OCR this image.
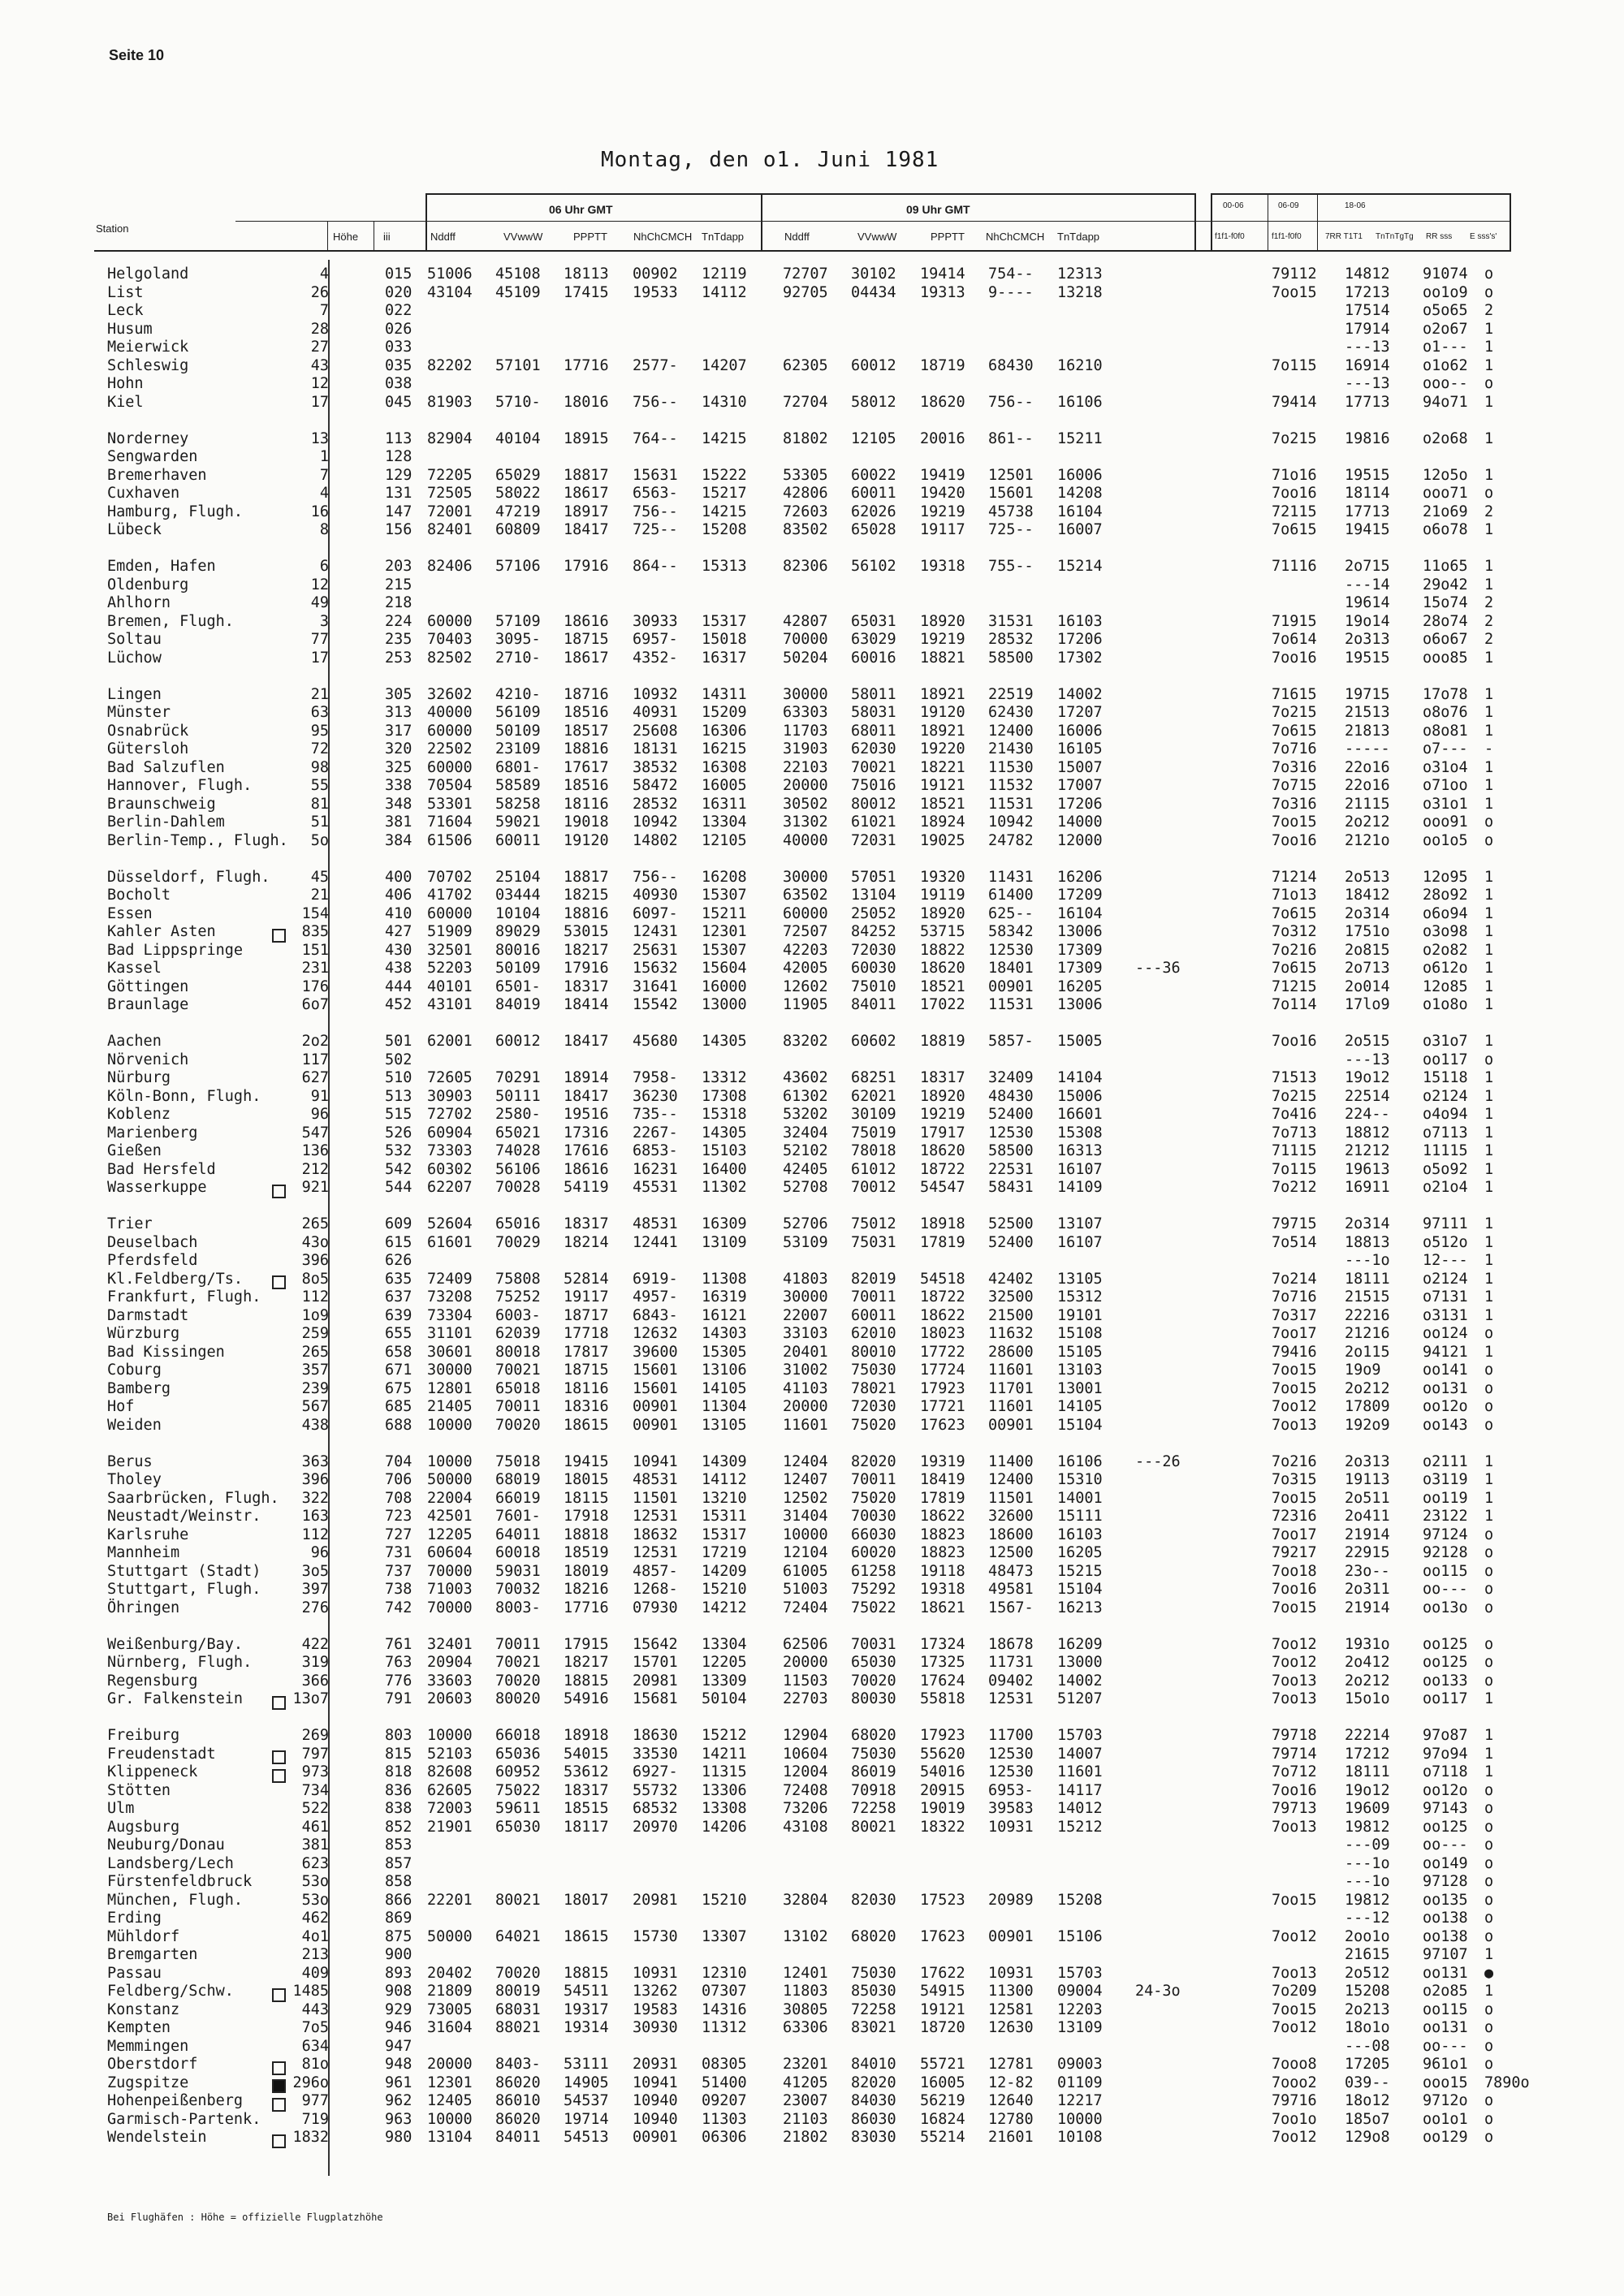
Seite 10
Montag, den o1. Juni 1981
Station
Höhe iii
06 Uhr GMT	09 Uhr GMT
Nddff	VVwwW	PPPTT NhChCMCH TnTdapp	Nddff	VVwwW	PPPTT NhChCMCH TnTdapp
00-06	06-09	18-06
f1f1-f0f0	f1f1-f0f0	7RR T1T1 TnTnTgTg RR sss E sss's'
Helgoland	4	015 51006 45108 18113 00902 12119 72707 30102 19414 754-- 12313	79112 14812 91074 o
List	26	020 43104 45109 17415 19533 14112 92705 04434 19313 9---- 13218	7oo15 17213 oo1o9 o
Leck	7	022	17514 o5o65 2
Husum	28	026	17914 o2o67 1
Meierwick	27	033	---13 o1--- 1
Schleswig	43	035 82202 57101 17716 2577- 14207 62305 60012 18719 68430 16210	7o115 16914 o1o62 1
Hohn	12	038	---13 ooo-- o
Kiel	17	045 81903 5710- 18016 756-- 14310 72704 58012 18620 756-- 16106	79414 17713 94o71 1
Norderney	13	113 82904 40104 18915 764-- 14215 81802 12105 20016 861-- 15211	7o215 19816 o2o68 1
Sengwarden	1	128
Bremerhaven	7	129 72205 65029 18817 15631 15222 53305 60022 19419 12501 16006	71o16 19515 12o5o 1
Cuxhaven	4	131 72505 58022 18617 6563- 15217 42806 60011 19420 15601 14208	7oo16 18114 ooo71 o
Hamburg, Flugh.	16	147 72001 47219 18917 756-- 14215 72603 62026 19219 45738 16104	72115 17713 21o69 2
Lübeck	8	156 82401 60809 18417 725-- 15208 83502 65028 19117 725-- 16007	7o615 19415 o6o78 1
Emden, Hafen	6	203 82406 57106 17916 864-- 15313 82306 56102 19318 755-- 15214	71116 2o715 11o65 1
Oldenburg	12	215	---14 29o42 1
Ahlhorn	49	218	19614 15o74 2
Bremen, Flugh.	3	224 60000 57109 18616 30933 15317 42807 65031 18920 31531 16103	71915 19o14 28o74 2
Soltau	77	235 70403 3095- 18715 6957- 15018 70000 63029 19219 28532 17206	7o614 2o313 o6o67 2
Lüchow	17	253 82502 2710- 18617 4352- 16317 50204 60016 18821 58500 17302	7oo16 19515 ooo85 1
Lingen	21	305 32602 4210- 18716 10932 14311 30000 58011 18921 22519 14002	71615 19715 17o78 1
Münster	63	313 40000 56109 18516 40931 15209 63303 58031 19120 62430 17207	7o215 21513 o8o76 1
Osnabrück	95	317 60000 50109 18517 25608 16306 11703 68011 18921 12400 16006	7o615 21813 o8o81 1
Gütersloh	72	320 22502 23109 18816 18131 16215 31903 62030 19220 21430 16105	7o716 ----- o7--- -
Bad Salzuflen	98	325 60000 6801- 17617 38532 16308 22103 70021 18221 11530 15007	7o316 22o16 o31o4 1
Hannover, Flugh.	55	338 70504 58589 18516 58472 16005 20000 75016 19121 11532 17007	7o715 22o16 o71oo 1
Braunschweig	81	348 53301 58258 18116 28532 16311 30502 80012 18521 11531 17206	7o316 21115 o31o1 1
Berlin-Dahlem	51	381 71604 59021 19018 10942 13304 31302 61021 18924 10942 14000	7oo15 2o212 ooo91 o
Berlin-Temp., Flugh.	5o	384 61506 60011 19120 14802 12105 40000 72031 19025 24782 12000	7oo16 2121o oo1o5 o
Düsseldorf, Flugh.	45	400 70702 25104 18817 756-- 16208 30000 57051 19320 11431 16206	71214 2o513 12o95 1
Bocholt	21	406 41702 03444 18215 40930 15307 63502 13104 19119 61400 17209	71o13 18412 28o92 1
Essen	154	410 60000 10104 18816 6097- 15211 60000 25052 18920 625-- 16104	7o615 2o314 o6o94 1
Kahler Asten	835	427 51909 89029 53015 12431 12301 72507 84252 53715 58342 13006	7o312 1751o o3o98 1
Bad Lippspringe	151	430 32501 80016 18217 25631 15307 42203 72030 18822 12530 17309	7o216 2o815 o2o82 1
Kassel	231	438 52203 50109 17916 15632 15604 42005 60030 18620 18401 17309 ---36	7o615 2o713 o612o 1
Göttingen	176	444 40101 6501- 18317 31641 16000 12602 75010 18521 00901 16205	71215 2o014 12o85 1
Braunlage	6o7	452 43101 84019 18414 15542 13000 11905 84011 17022 11531 13006	7o114 17lo9 o1o8o 1
Aachen	2o2	501 62001 60012 18417 45680 14305 83202 60602 18819 5857- 15005	7oo16 2o515 o31o7 1
Nörvenich	117	502	---13 oo117 o
Nürburg	627	510 72605 70291 18914 7958- 13312 43602 68251 18317 32409 14104	71513 19o12 15118 1
Köln-Bonn, Flugh.	91	513 30903 50111 18417 36230 17308 61302 62021 18920 48430 15006	7o215 22514 o2124 1
Koblenz	96	515 72702 2580- 19516 735-- 15318 53202 30109 19219 52400 16601	7o416 224-- o4o94 1
Marienberg	547	526 60904 65021 17316 2267- 14305 32404 75019 17917 12530 15308	7o713 18812 o7113 1
Gießen	136	532 73303 74028 17616 6853- 15103 52102 78018 18620 58500 16313	71115 21212 11115 1
Bad Hersfeld	212	542 60302 56106 18616 16231 16400 42405 61012 18722 22531 16107	7o115 19613 o5o92 1
Wasserkuppe	921	544 62207 70028 54119 45531 11302 52708 70012 54547 58431 14109	7o212 16911 o21o4 1
Trier	265	609 52604 65016 18317 48531 16309 52706 75012 18918 52500 13107	79715 2o314 97111 1
Deuselbach	43o	615 61601 70029 18214 12441 13109 53109 75031 17819 52400 16107	7o514 18813 o512o 1
Pferdsfeld	396	626	---1o 12--- 1
Kl.Feldberg/Ts.	8o5	635 72409 75808 52814 6919- 11308 41803 82019 54518 42402 13105	7o214 18111 o2124 1
Frankfurt, Flugh.	112	637 73208 75252 19117 4957- 16319 30000 70011 18722 32500 15312	7o716 21515 o7131 1
Darmstadt	1o9	639 73304 6003- 18717 6843- 16121 22007 60011 18622 21500 19101	7o317 22216 o3131 1
Würzburg	259	655 31101 62039 17718 12632 14303 33103 62010 18023 11632 15108	7oo17 21216 oo124 o
Bad Kissingen	265	658 30601 80018 17817 39600 15305 20401 80010 17722 28600 15105	79416 2o115 94121 1
Coburg	357	671 30000 70021 18715 15601 13106 31002 75030 17724 11601 13103	7oo15 19o9	oo141 o
Bamberg	239	675 12801 65018 18116 15601 14105 41103 78021 17923 11701 13001	7oo15 2o212 oo131 o
Hof	567	685 21405 70011 18316 00901 11304 20000 72030 17721 11601 14105	7oo12 17809 oo12o o
Weiden	438	688 10000 70020 18615 00901 13105 11601 75020 17623 00901 15104	7oo13 192o9 oo143 o
Berus	363	704 10000 75018 19415 10941 14309 12404 82020 19319 11400 16106 ---26	7o216 2o313 o2111 1
Tholey	396	706 50000 68019 18015 48531 14112 12407 70011 18419 12400 15310	7o315 19113 o3119 1
Saarbrücken, Flugh.	322	708 22004 66019 18115 11501 13210 12502 75020 17819 11501 14001	7oo15 2o511 oo119 1
Neustadt/Weinstr.	163	723 42501 7601- 17918 12531 15311 31404 70030 18622 32600 15111	72316 2o411 23122 1
Karlsruhe	112	727 12205 64011 18818 18632 15317 10000 66030 18823 18600 16103	7oo17 21914 97124 o
Mannheim	96	731 60604 60018 18519 12531 17219 12104 60020 18823 12500 16205	79217 22915 92128 o
Stuttgart (Stadt)	3o5	737 70000 59031 18019 4857- 14209 61005 61258 19118 48473 15215	7oo18 23o-- oo115 o
Stuttgart, Flugh.	397	738 71003 70032 18216 1268- 15210 51003 75292 19318 49581 15104	7oo16 2o311 oo--- o
Öhringen	276	742 70000 8003- 17716 07930 14212 72404 75022 18621 1567- 16213	7oo15 21914 oo13o o
Weißenburg/Bay.	422	761 32401 70011 17915 15642 13304 62506 70031 17324 18678 16209	7oo12 1931o oo125 o
Nürnberg, Flugh.	319	763 20904 70021 18217 15701 12205 20000 65030 17325 11731 13000	7oo12 2o412 oo125 o
Regensburg	366	776 33603 70020 18815 20981 13309 11503 70020 17624 09402 14002	7oo13 2o212 oo133 o
Gr. Falkenstein	13o7	791 20603 80020 54916 15681 50104 22703 80030 55818 12531 51207	7oo13 15o1o oo117 1
Freiburg	269	803 10000 66018 18918 18630 15212 12904 68020 17923 11700 15703	79718 22214 97o87 1
Freudenstadt	797	815 52103 65036 54015 33530 14211 10604 75030 55620 12530 14007	79714 17212 97o94 1
Klippeneck	973	818 82608 60952 53612 6927- 11315 12004 86019 54016 12530 11601	7o712 18111 o7118 1
Stötten	734	836 62605 75022 18317 55732 13306 72408 70918 20915 6953- 14117	7oo16 19o12 oo12o o
Ulm	522	838 72003 59611 18515 68532 13308 73206 72258 19019 39583 14012	79713 19609 97143 o
Augsburg	461	852 21901 65030 18117 20970 14206 43108 80021 18322 10931 15212	7oo13 19812 oo125 o
Neuburg/Donau	381	853	---09 oo--- o
Landsberg/Lech	623	857	---1o oo149 o
Fürstenfeldbruck	53o	858	---1o 97128 o
München, Flugh.	53o	866 22201 80021 18017 20981 15210 32804 82030 17523 20989 15208	7oo15 19812 oo135 o
Erding	462	869	---12 oo138 o
Mühldorf	4o1	875 50000 64021 18615 15730 13307 13102 68020 17623 00901 15106	7oo12 2oo1o oo138 o
Bremgarten	213	900	21615 97107 1
Passau	409	893 20402 70020 18815 10931 12310 12401 75030 17622 10931 15703	7oo13 2o512 oo131 ●
Feldberg/Schw.	1485	908 21809 80019 54511 13262 07307 11803 85030 54915 11300 09004 24-3o	7o209 15208 o2o85 1
Konstanz	443	929 73005 68031 19317 19583 14316 30805 72258 19121 12581 12203	7oo15 2o213 oo115 o
Kempten	7o5	946 31604 88021 19314 30930 11312 63306 83021 18720 12630 13109	7oo12 18o1o oo131 o
Memmingen	634	947	---08 oo--- o
Oberstdorf	81o	948 20000 8403- 53111 20931 08305 23201 84010 55721 12781 09003	7ooo8 17205 961o1 o
Zugspitze	296o	961 12301 86020 14905 10941 51400 41205 82020 16005 12-82 01109	7ooo2 039-- ooo15 7890o
Hohenpeißenberg	977	962 12405 86010 54537 10940 09207 23007 84030 56219 12640 12217	79716 18o12 9712o o
Garmisch-Partenk.	719	963 10000 86020 19714 10940 11303 21103 86030 16824 12780 10000	7oo1o 185o7 oo1o1 o
Wendelstein	1832	980 13104 84011 54513 00901 06306 21802 83030 55214 21601 10108	7oo12 129o8 oo129 o
Bei Flughäfen : Höhe = offizielle Flugplatzhöhe
